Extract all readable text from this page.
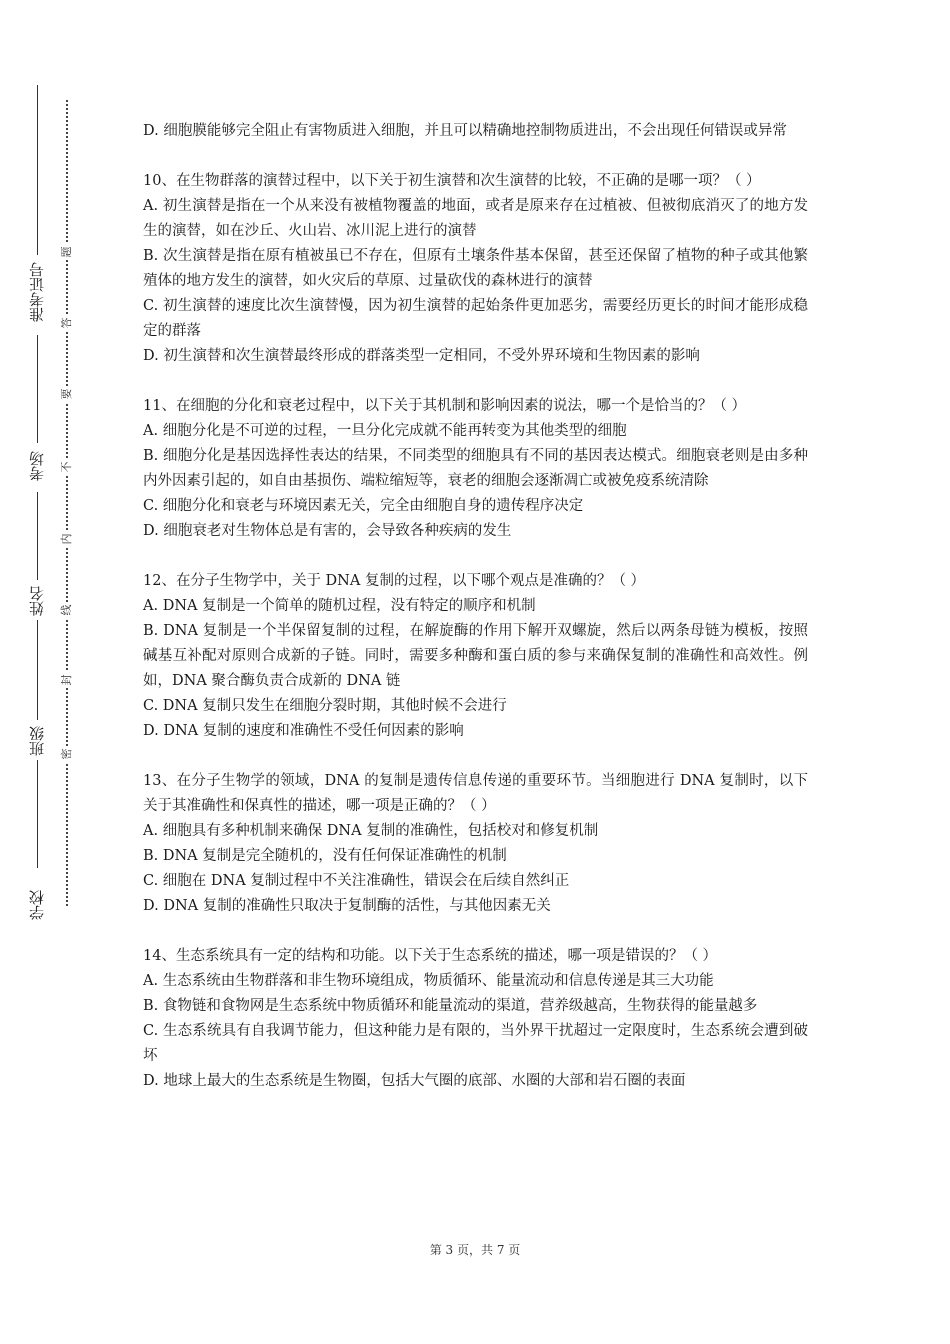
学校
班级
姓名
考场
准考证号
密
封
线
内
不
要
答
题

D. 细胞膜能够完全阻止有害物质进入细胞，并且可以精确地控制物质进出，不会出现任何错误或异常

10、在生物群落的演替过程中，以下关于初生演替和次生演替的比较，不正确的是哪一项？（ ）

A. 初生演替是指在一个从来没有被植物覆盖的地面，或者是原来存在过植被、但被彻底消灭了的地方发生的演替，如在沙丘、火山岩、冰川泥上进行的演替

B. 次生演替是指在原有植被虽已不存在，但原有土壤条件基本保留，甚至还保留了植物的种子或其他繁殖体的地方发生的演替，如火灾后的草原、过量砍伐的森林进行的演替

C. 初生演替的速度比次生演替慢，因为初生演替的起始条件更加恶劣，需要经历更长的时间才能形成稳定的群落

D. 初生演替和次生演替最终形成的群落类型一定相同，不受外界环境和生物因素的影响

11、在细胞的分化和衰老过程中，以下关于其机制和影响因素的说法，哪一个是恰当的？（ ）

A. 细胞分化是不可逆的过程，一旦分化完成就不能再转变为其他类型的细胞

B. 细胞分化是基因选择性表达的结果，不同类型的细胞具有不同的基因表达模式。细胞衰老则是由多种内外因素引起的，如自由基损伤、端粒缩短等，衰老的细胞会逐渐凋亡或被免疫系统清除

C. 细胞分化和衰老与环境因素无关，完全由细胞自身的遗传程序决定

D. 细胞衰老对生物体总是有害的，会导致各种疾病的发生

12、在分子生物学中，关于 DNA 复制的过程，以下哪个观点是准确的？（ ）

A. DNA 复制是一个简单的随机过程，没有特定的顺序和机制

B. DNA 复制是一个半保留复制的过程，在解旋酶的作用下解开双螺旋，然后以两条母链为模板，按照碱基互补配对原则合成新的子链。同时，需要多种酶和蛋白质的参与来确保复制的准确性和高效性。例如，DNA 聚合酶负责合成新的 DNA 链

C. DNA 复制只发生在细胞分裂时期，其他时候不会进行

D. DNA 复制的速度和准确性不受任何因素的影响

13、在分子生物学的领域，DNA 的复制是遗传信息传递的重要环节。当细胞进行 DNA 复制时，以下关于其准确性和保真性的描述，哪一项是正确的？（ ）

A. 细胞具有多种机制来确保 DNA 复制的准确性，包括校对和修复机制

B. DNA 复制是完全随机的，没有任何保证准确性的机制

C. 细胞在 DNA 复制过程中不关注准确性，错误会在后续自然纠正

D. DNA 复制的准确性只取决于复制酶的活性，与其他因素无关

14、生态系统具有一定的结构和功能。以下关于生态系统的描述，哪一项是错误的？（ ）

A. 生态系统由生物群落和非生物环境组成，物质循环、能量流动和信息传递是其三大功能

B. 食物链和食物网是生态系统中物质循环和能量流动的渠道，营养级越高，生物获得的能量越多

C. 生态系统具有自我调节能力，但这种能力是有限的，当外界干扰超过一定限度时，生态系统会遭到破坏

D. 地球上最大的生态系统是生物圈，包括大气圈的底部、水圈的大部和岩石圈的表面

第 3 页，共 7 页
